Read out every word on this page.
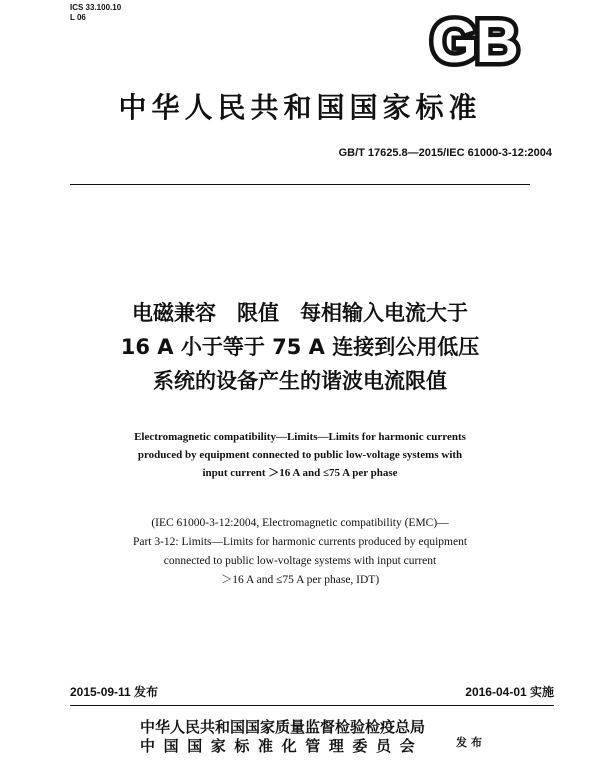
ICS 33.100.10
L 06	GB
中华人民共和国国家标准
GB/T 17625.8—2015/IEC 61000-3-12:2004
电磁兼容　限值　每相输入电流大于
16 A 小于等于 75 A 连接到公用低压
系统的设备产生的谐波电流限值
Electromagnetic compatibility—Limits—Limits for harmonic currents
produced by equipment connected to public low-voltage systems with
input current ＞16 A and ≤75 A per phase
(IEC 61000-3-12:2004, Electromagnetic compatibility (EMC)—
Part 3-12: Limits—Limits for harmonic currents produced by equipment
connected to public low-voltage systems with input current
＞16 A and ≤75 A per phase, IDT)
2015-09-11 发布	2016-04-01 实施
中华人民共和国国家质量监督检验检疫总局
中国国家标准化管理委员会	发布
